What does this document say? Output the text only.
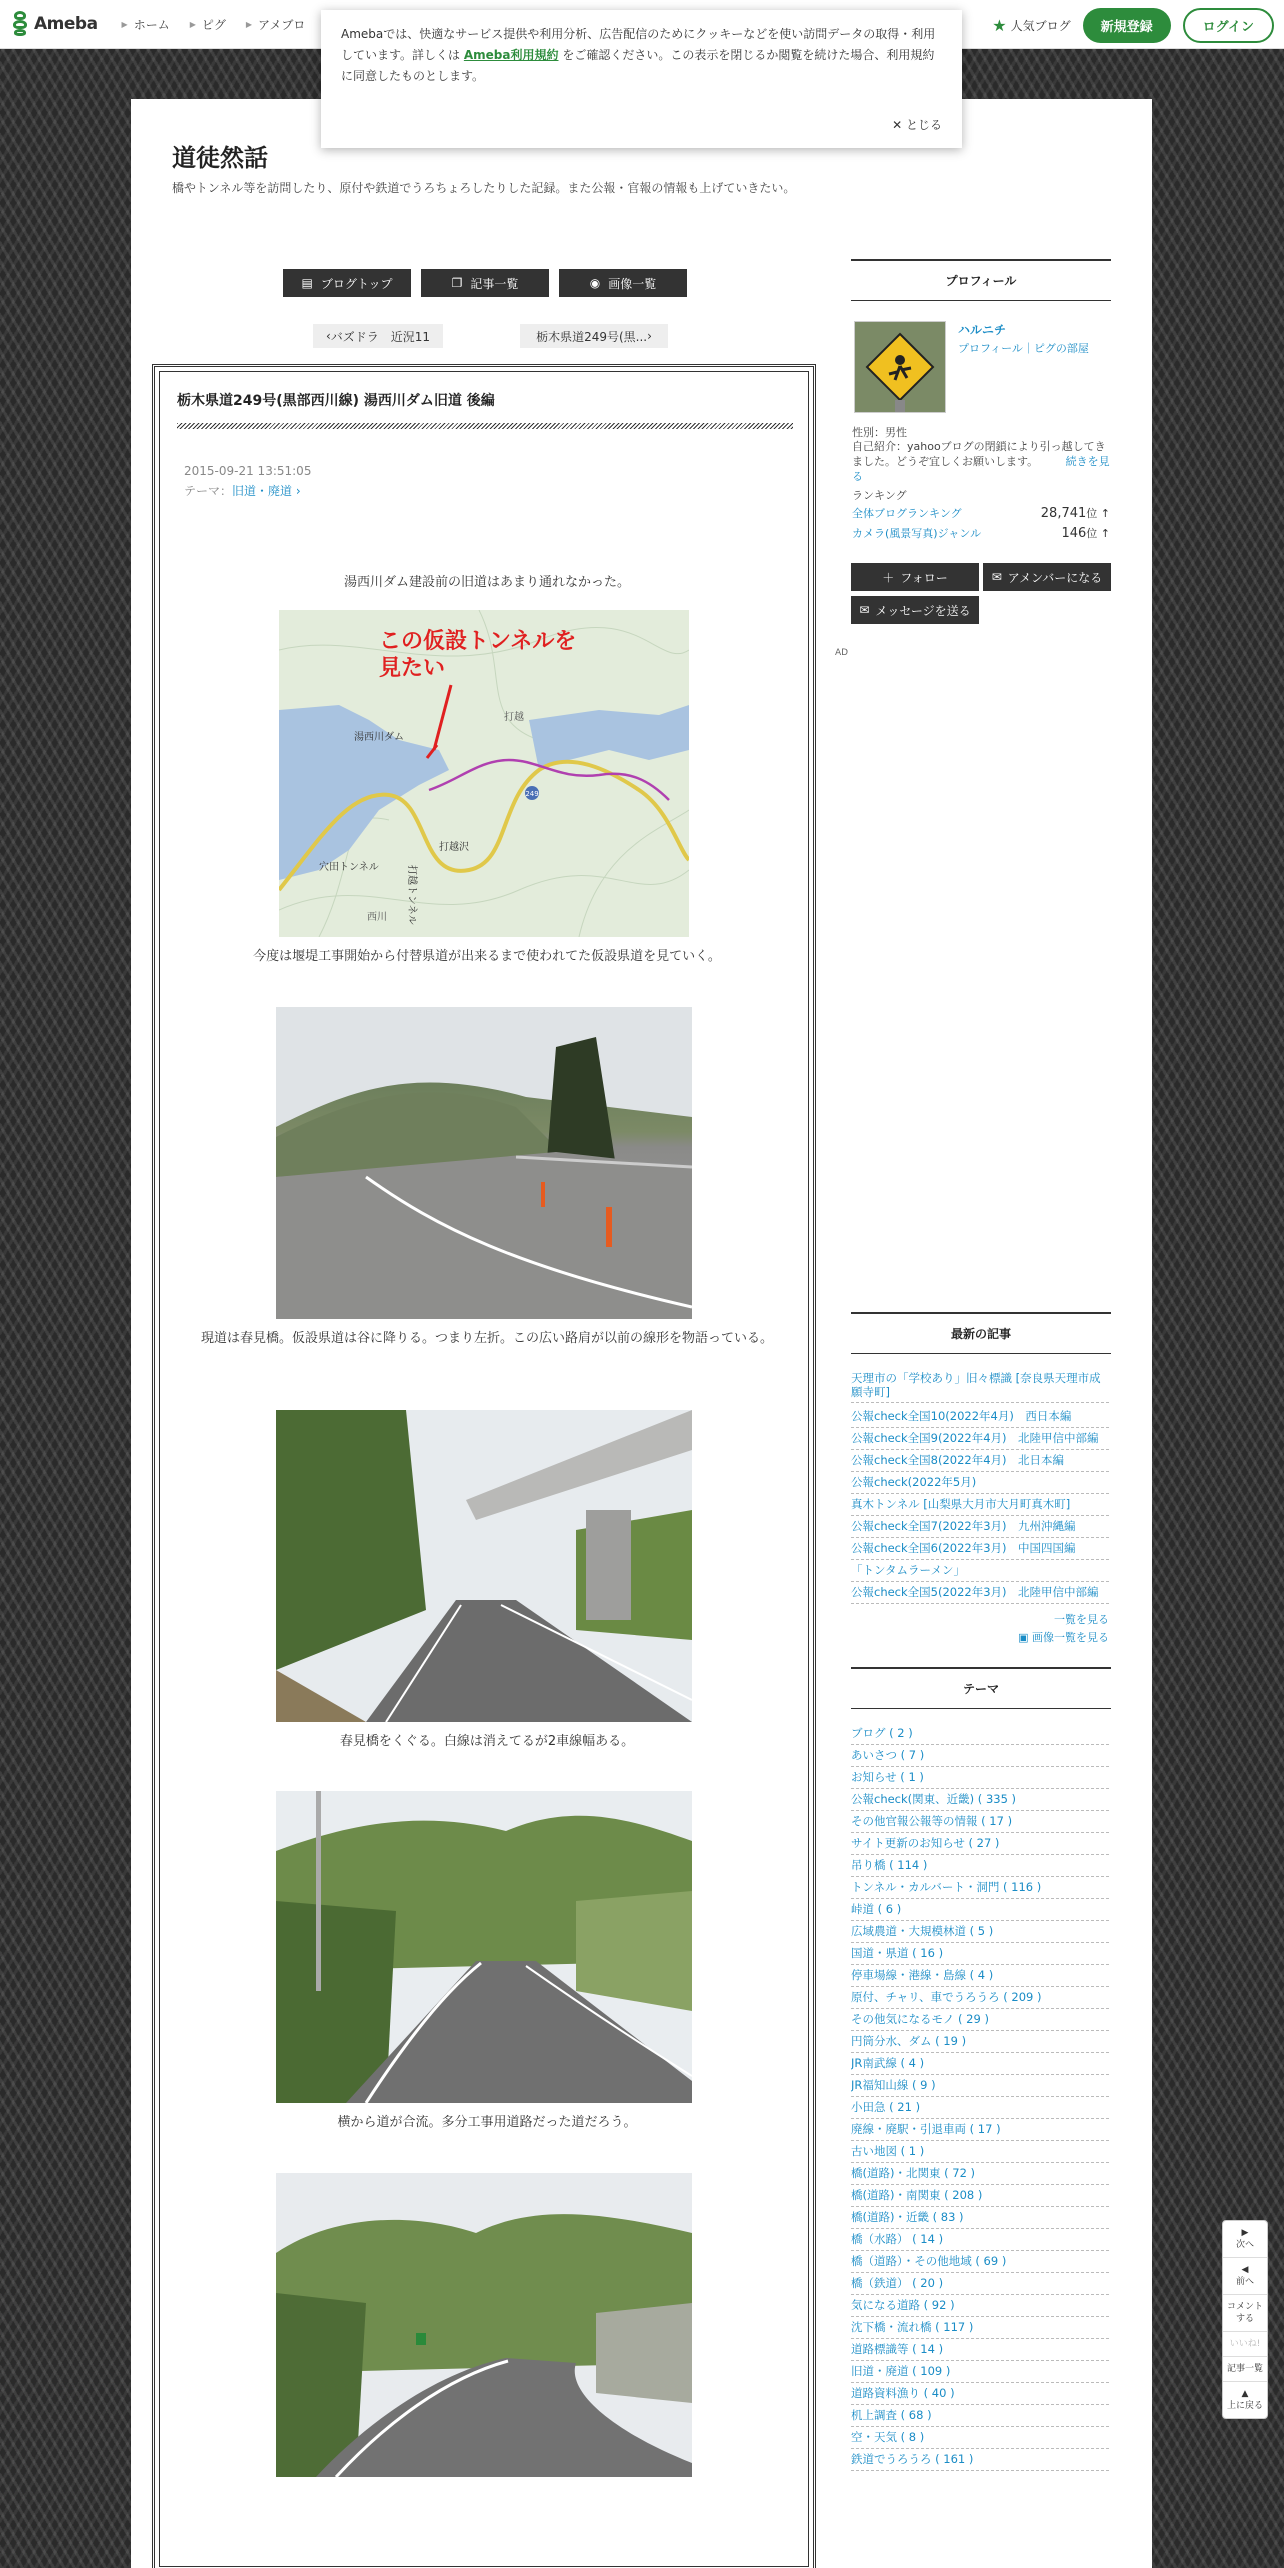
Ameba	▶ ホーム	▶ ピグ	▶ アメブロ	★ 人気ブログ	新規登録	ログイン
Amebaでは、快適なサービス提供や利用分析、広告配信のためにクッキーなどを使い訪問データの取得・利用しています。詳しくは Ameba利用規約 をご確認ください。この表示を閉じるか閲覧を続けた場合、利用規約に同意したものとします。
✕ とじる
道徒然話
橋やトンネル等を訪問したり、原付や鉄道でうろちょろしたりした記録。また公報・官報の情報も上げていきたい。
▤ ブログトップ	❐ 記事一覧	◉ 画像一覧
‹ バズドラ　近況11	栃木県道249号(黒... ›
栃木県道249号(黒部西川線) 湯西川ダム旧道 後編
2015-09-21 13:51:05
テーマ：旧道・廃道 ›
湯西川ダム建設前の旧道はあまり通れなかった。
249
この仮設トンネルを
見たい
湯西川ダム
打越
打越沢
打越トンネル
穴田トンネル
西川
今度は堰堤工事開始から付替県道が出来るまで使われてた仮設県道を見ていく。
現道は春見橋。仮設県道は谷に降りる。つまり左折。この広い路肩が以前の線形を物語っている。
春見橋をくぐる。白線は消えてるが2車線幅ある。
横から道が合流。多分工事用道路だった道だろう。
プロフィール
ハルニチ
プロフィール｜ピグの部屋
性別：男性
自己紹介：yahooブログの閉鎖により引っ越してきました。どうぞ宜しくお願いします。	続きを見る
ランキング
全体ブログランキング	28,741位 ↑
カメラ(風景写真)ジャンル	146位 ↑
＋ フォロー	✉ アメンバーになる
✉ メッセージを送る
AD
最新の記事
天理市の「学校あり」旧々標識 [奈良県天理市成願寺町]
公報check全国10(2022年4月)　西日本編
公報check全国9(2022年4月)　北陸甲信中部編
公報check全国8(2022年4月)　北日本編
公報check(2022年5月)
真木トンネル [山梨県大月市大月町真木町]
公報check全国7(2022年3月)　九州沖縄編
公報check全国6(2022年3月)　中国四国編
「トンタムラーメン」
公報check全国5(2022年3月)　北陸甲信中部編
一覧を見る
▣ 画像一覧を見る
テーマ
ブログ ( 2 )
あいさつ ( 7 )
お知らせ ( 1 )
公報check(関東、近畿) ( 335 )
その他官報公報等の情報 ( 17 )
サイト更新のお知らせ ( 27 )
吊り橋 ( 114 )
トンネル・カルバート・洞門 ( 116 )
峠道 ( 6 )
広域農道・大規模林道 ( 5 )
国道・県道 ( 16 )
停車場線・港線・島線 ( 4 )
原付、チャリ、車でうろうろ ( 209 )
その他気になるモノ ( 29 )
円筒分水、ダム ( 19 )
JR南武線 ( 4 )
JR福知山線 ( 9 )
小田急 ( 21 )
廃線・廃駅・引退車両 ( 17 )
古い地図 ( 1 )
橋(道路)・北関東 ( 72 )
橋(道路)・南関東 ( 208 )
橋(道路)・近畿 ( 83 )
橋（水路） ( 14 )
橋（道路）・その他地域 ( 69 )
橋（鉄道） ( 20 )
気になる道路 ( 92 )
沈下橋・流れ橋 ( 117 )
道路標識等 ( 14 )
旧道・廃道 ( 109 )
道路資料漁り ( 40 )
机上調査 ( 68 )
空・天気 ( 8 )
鉄道でうろうろ ( 161 )
▶
次へ
◀
前へ
コメントする
いいね!
記事一覧
▲
上に戻る
